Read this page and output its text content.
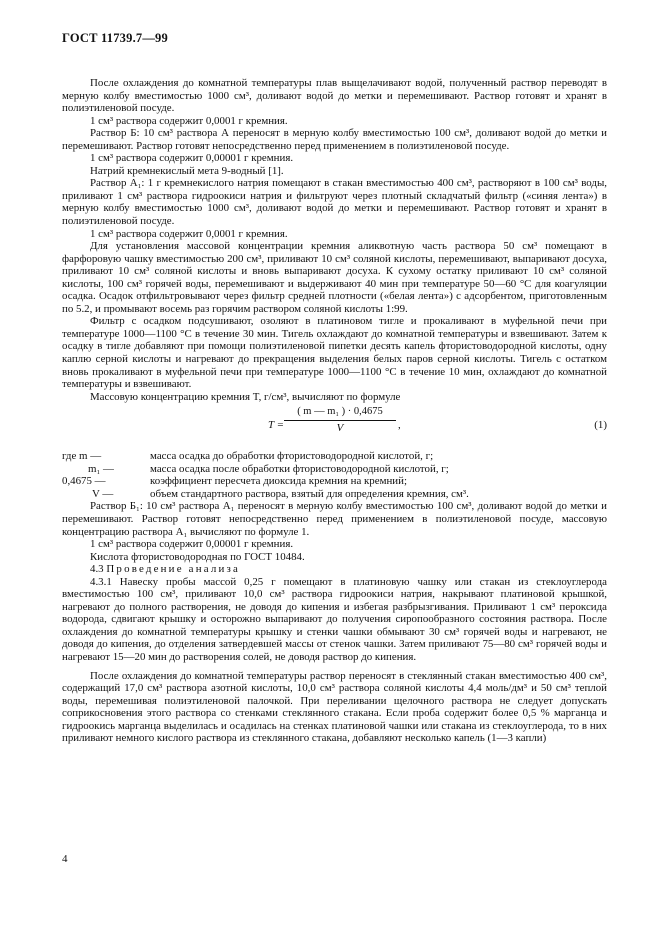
ГОСТ 11739.7—99

После охлаждения до комнатной температуры плав выщелачивают водой, полученный раствор переводят в мерную колбу вместимостью 1000 см³, доливают водой до метки и перемешивают. Раствор готовят и хранят в полиэтиленовой посуде.

1 см³ раствора содержит 0,0001 г кремния.

Раствор Б: 10 см³ раствора А переносят в мерную колбу вместимостью 100 см³, доливают водой до метки и перемешивают. Раствор готовят непосредственно перед применением в полиэтиленовой посуде.

1 см³ раствора содержит 0,00001 г кремния.

Натрий кремнекислый мета 9-водный [1].

Раствор А₁: 1 г кремнекислого натрия помещают в стакан вместимостью 400 см³, растворяют в 100 см³ воды, приливают 1 см³ раствора гидроокиси натрия и фильтруют через плотный складчатый фильтр («синяя лента») в мерную колбу вместимостью 1000 см³, доливают водой до метки и перемешивают. Раствор готовят и хранят в полиэтиленовой посуде.

1 см³ раствора содержит 0,0001 г кремния.

Для установления массовой концентрации кремния аликвотную часть раствора 50 см³ помещают в фарфоровую чашку вместимостью 200 см³, приливают 10 см³ соляной кислоты, перемешивают, выпаривают досуха, приливают 10 см³ соляной кислоты и вновь выпаривают досуха. К сухому остатку приливают 10 см³ соляной кислоты, 100 см³ горячей воды, перемешивают и выдерживают 40 мин при температуре 50—60 °С для коагуляции осадка. Осадок отфильтровывают через фильтр средней плотности («белая лента») с адсорбентом, приготовленным по 5.2, и промывают восемь раз горячим раствором соляной кислоты 1:99.

Фильтр с осадком подсушивают, озоляют в платиновом тигле и прокаливают в муфельной печи при температуре 1000—1100 °С в течение 30 мин. Тигель охлаждают до комнатной температуры и взвешивают. Затем к осадку в тигле добавляют при помощи полиэтиленовой пипетки десять капель фтористоводородной кислоты, одну каплю серной кислоты и нагревают до прекращения выделения белых паров серной кислоты. Тигель с остатком вновь прокаливают в муфельной печи при температуре 1000—1100 °С в течение 10 мин, охлаждают до комнатной температуры и взвешивают.

Массовую концентрацию кремния T, г/см³, вычисляют по формуле

$T = \frac{\text{( m — m₁ ) · 0,4675}}{V}$ ,	(1)
где m —	масса осадка до обработки фтористоводородной кислотой, г;
m₁ —	масса осадка после обработки фтористоводородной кислотой, г;
0,4675 —	коэффициент пересчета диоксида кремния на кремний;
V —	объем стандартного раствора, взятый для определения кремния, см³.

Раствор Б₁: 10 см³ раствора А₁ переносят в мерную колбу вместимостью 100 см³, доливают водой до метки и перемешивают. Раствор готовят непосредственно перед применением в полиэтиленовой посуде, массовую концентрацию раствора А₁ вычисляют по формуле 1.

1 см³ раствора содержит 0,00001 г кремния.

Кислота фтористоводородная по ГОСТ 10484.

4.3 Проведение анализа

4.3.1 Навеску пробы массой 0,25 г помещают в платиновую чашку или стакан из стеклоуглерода вместимостью 100 см³, приливают 10,0 см³ раствора гидроокиси натрия, накрывают платиновой крышкой, нагревают до полного растворения, не доводя до кипения и избегая разбрызгивания. Приливают 1 см³ пероксида водорода, сдвигают крышку и осторожно выпаривают до получения сиропообразного состояния раствора. После охлаждения до комнатной температуры крышку и стенки чашки обмывают 30 см³ горячей воды и нагревают, не доводя до кипения, до отделения затвердевшей массы от стенок чашки. Затем приливают 75—80 см³ горячей воды и нагревают 15—20 мин до растворения солей, не доводя раствор до кипения.

После охлаждения до комнатной температуры раствор переносят в стеклянный стакан вместимостью 400 см³, содержащий 17,0 см³ раствора азотной кислоты, 10,0 см³ раствора соляной кислоты 4,4 моль/дм³ и 50 см³ теплой воды, перемешивая полиэтиленовой палочкой. При переливании щелочного раствора не следует допускать соприкосновения этого раствора со стенками стеклянного стакана. Если проба содержит более 0,5 % марганца и гидроокись марганца выделилась и осадилась на стенках платиновой чашки или стакана из стеклоуглерода, то в них приливают немного кислого раствора из стеклянного стакана, добавляют несколько капель (1—3 капли)

4
